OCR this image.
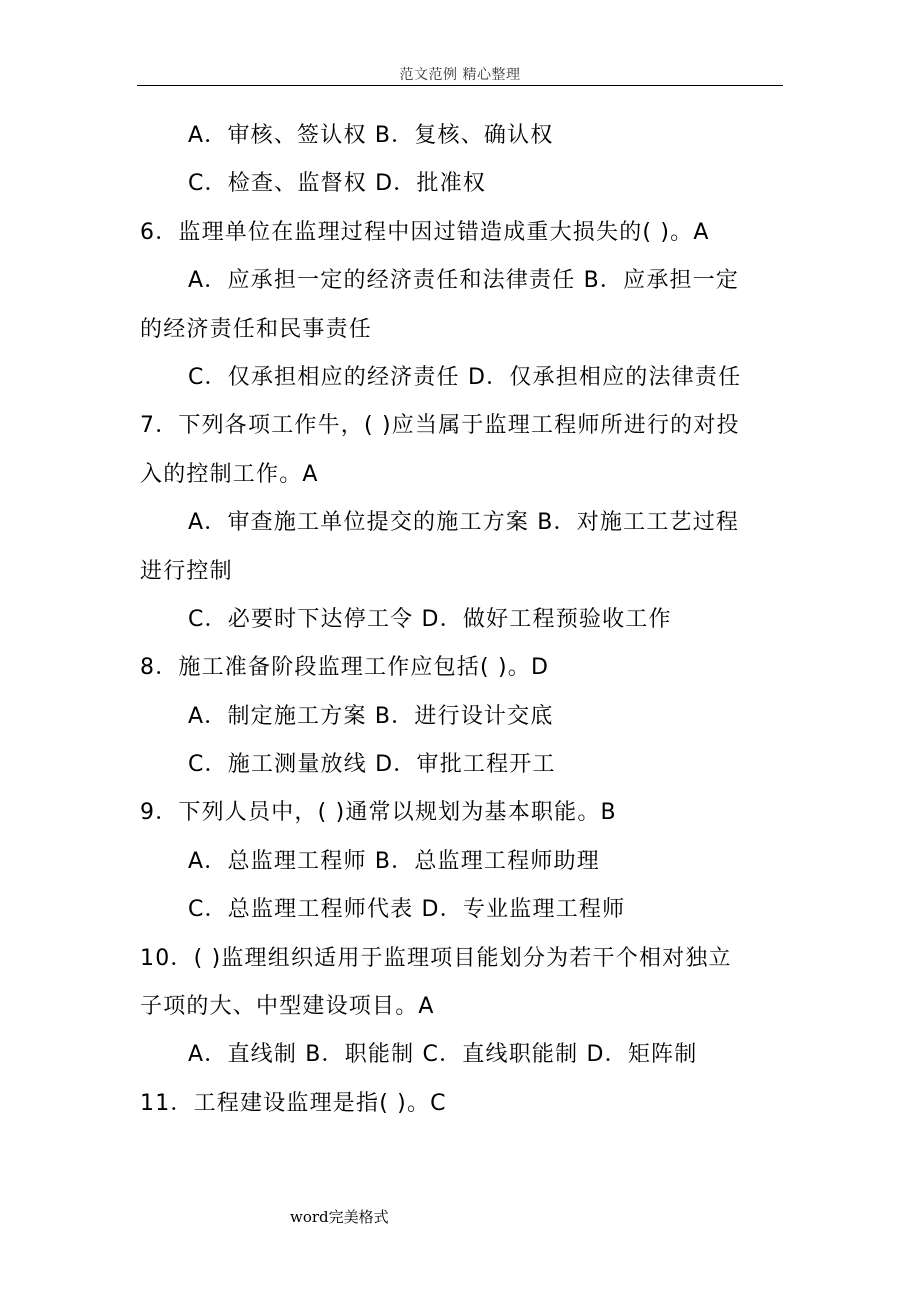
范文范例 精心整理
A．审核、签认权 B．复核、确认权
C．检查、监督权 D．批准权
6．监理单位在监理过程中因过错造成重大损失的( )。A
A．应承担一定的经济责任和法律责任 B．应承担一定
的经济责任和民事责任
C．仅承担相应的经济责任 D．仅承担相应的法律责任
7．下列各项工作牛，( )应当属于监理工程师所进行的对投
入的控制工作。A
A．审查施工单位提交的施工方案 B．对施工工艺过程
进行控制
C．必要时下达停工令 D．做好工程预验收工作
8．施工准备阶段监理工作应包括( )。D
A．制定施工方案 B．进行设计交底
C．施工测量放线 D．审批工程开工
9．下列人员中，( )通常以规划为基本职能。B
A．总监理工程师 B．总监理工程师助理
C．总监理工程师代表 D．专业监理工程师
10．( )监理组织适用于监理项目能划分为若干个相对独立
子项的大、中型建设项目。A
A．直线制 B．职能制 C．直线职能制 D．矩阵制
11．工程建设监理是指( )。C
word完美格式
